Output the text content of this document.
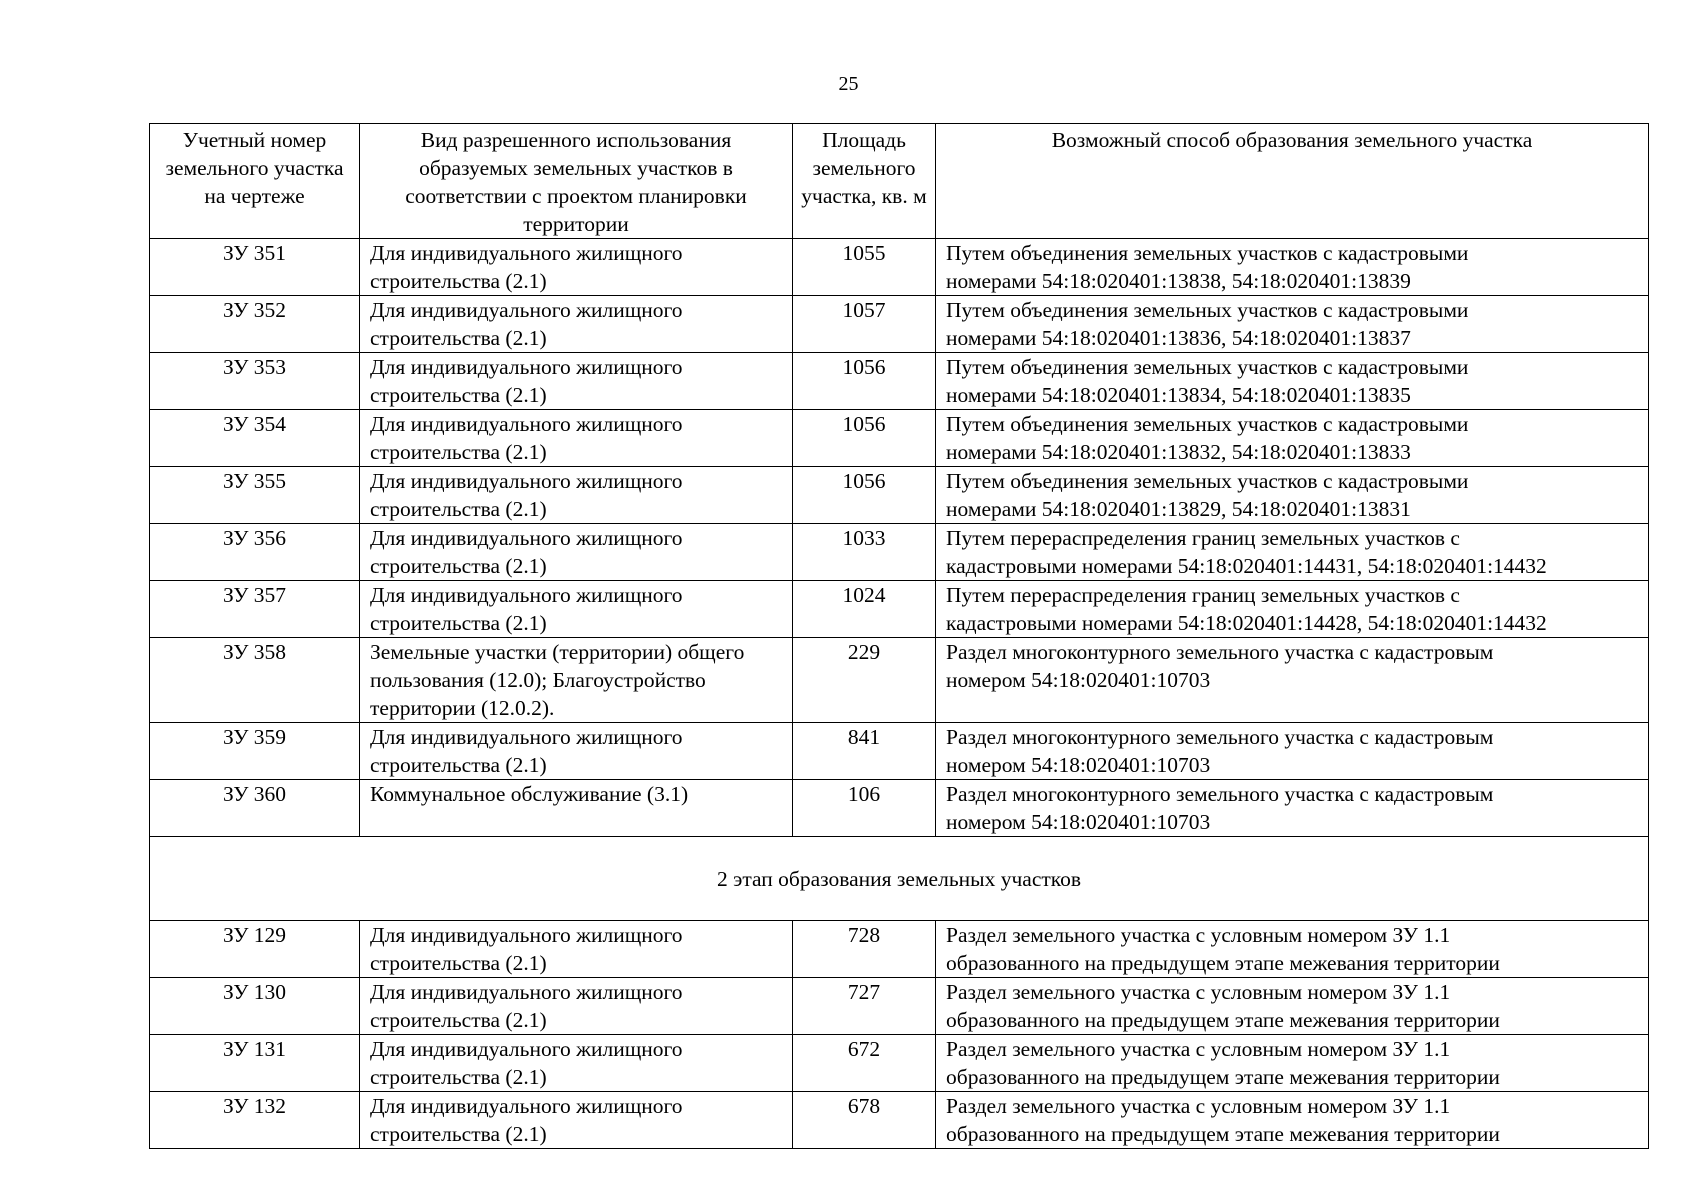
25
Учетный номер земельного участка на чертеже	Вид разрешенного использования образуемых земельных участков в соответствии с проектом планировки территории	Площадь земельного участка, кв. м	Возможный способ образования земельного участка
ЗУ 351	Для индивидуального жилищного строительства (2.1)	1055	Путем объединения земельных участков с кадастровыми
номерами 54:18:020401:13838, 54:18:020401:13839

ЗУ 352	Для индивидуального жилищного строительства (2.1)	1057	Путем объединения земельных участков с кадастровыми
номерами 54:18:020401:13836, 54:18:020401:13837

ЗУ 353	Для индивидуального жилищного строительства (2.1)	1056	Путем объединения земельных участков с кадастровыми
номерами 54:18:020401:13834, 54:18:020401:13835

ЗУ 354	Для индивидуального жилищного строительства (2.1)	1056	Путем объединения земельных участков с кадастровыми
номерами 54:18:020401:13832, 54:18:020401:13833

ЗУ 355	Для индивидуального жилищного строительства (2.1)	1056	Путем объединения земельных участков с кадастровыми
номерами 54:18:020401:13829, 54:18:020401:13831

ЗУ 356	Для индивидуального жилищного строительства (2.1)	1033	Путем перераспределения границ земельных участков с
кадастровыми номерами 54:18:020401:14431, 54:18:020401:14432

ЗУ 357	Для индивидуального жилищного строительства (2.1)	1024	Путем перераспределения границ земельных участков с
кадастровыми номерами 54:18:020401:14428, 54:18:020401:14432

ЗУ 358	Земельные участки (территории) общего пользования (12.0); Благоустройство территории (12.0.2).	229	Раздел многоконтурного земельного участка с кадастровым
номером 54:18:020401:10703

ЗУ 359	Для индивидуального жилищного строительства (2.1)	841	Раздел многоконтурного земельного участка с кадастровым
номером 54:18:020401:10703

ЗУ 360	Коммунальное обслуживание (3.1)	106	Раздел многоконтурного земельного участка с кадастровым
номером 54:18:020401:10703

2 этап образования земельных участков			
ЗУ 129	Для индивидуального жилищного строительства (2.1)	728	Раздел земельного участка с условным номером ЗУ 1.1
образованного на предыдущем этапе межевания территории

ЗУ 130	Для индивидуального жилищного строительства (2.1)	727	Раздел земельного участка с условным номером ЗУ 1.1
образованного на предыдущем этапе межевания территории

ЗУ 131	Для индивидуального жилищного строительства (2.1)	672	Раздел земельного участка с условным номером ЗУ 1.1
образованного на предыдущем этапе межевания территории

ЗУ 132	Для индивидуального жилищного строительства (2.1)	678	Раздел земельного участка с условным номером ЗУ 1.1
образованного на предыдущем этапе межевания территории
